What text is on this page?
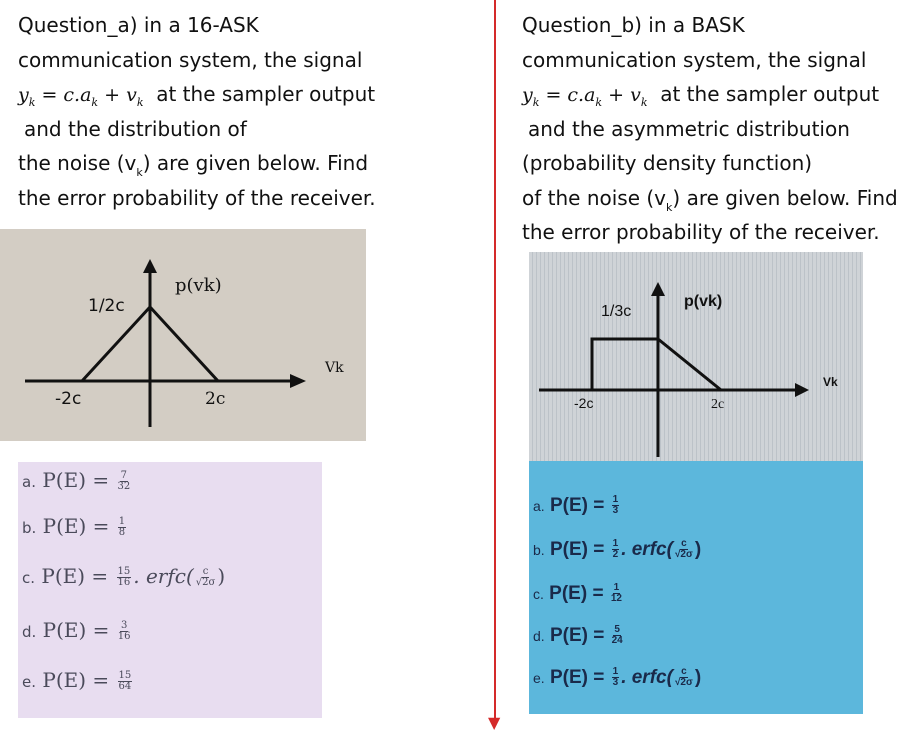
▼
Question_a) in a 16-ASK
communication system, the signal
$y_k = c.a_k + v_k$ at the sampler output
and the distribution of
the noise $(v_k)$ are given below. Find
the error probability of the receiver.
Question_b) in a BASK
communication system, the signal
$y_k = c.a_k + v_k$ at the sampler output
and the asymmetric distribution
(probability density function)
of the noise $(v_k)$ are given below. Find
the error probability of the receiver.
p(vk)
1/2c
Vk
-2c	2c
p(vk)
1/3c
Vk
-2c	2c
a. $P(E) = \frac{7}{32}$
b. $P(E) = \frac{1}{8}$
c. $P(E) = \frac{15}{16}$ . erfc( $\frac{c}{√2\sigma}$ )
d. $P(E) = \frac{3}{16}$
e. $P(E) = \frac{15}{64}$
a. $P(E) = \frac{1}{3}$
b. $P(E) = \frac{1}{2}$ . erfc( $\frac{c}{√2\sigma}$ )
c. $P(E) = \frac{1}{12}$
d. $P(E) = \frac{5}{24}$
e. $P(E) = \frac{1}{3}$ . erfc( $\frac{c}{√2\sigma}$ )
